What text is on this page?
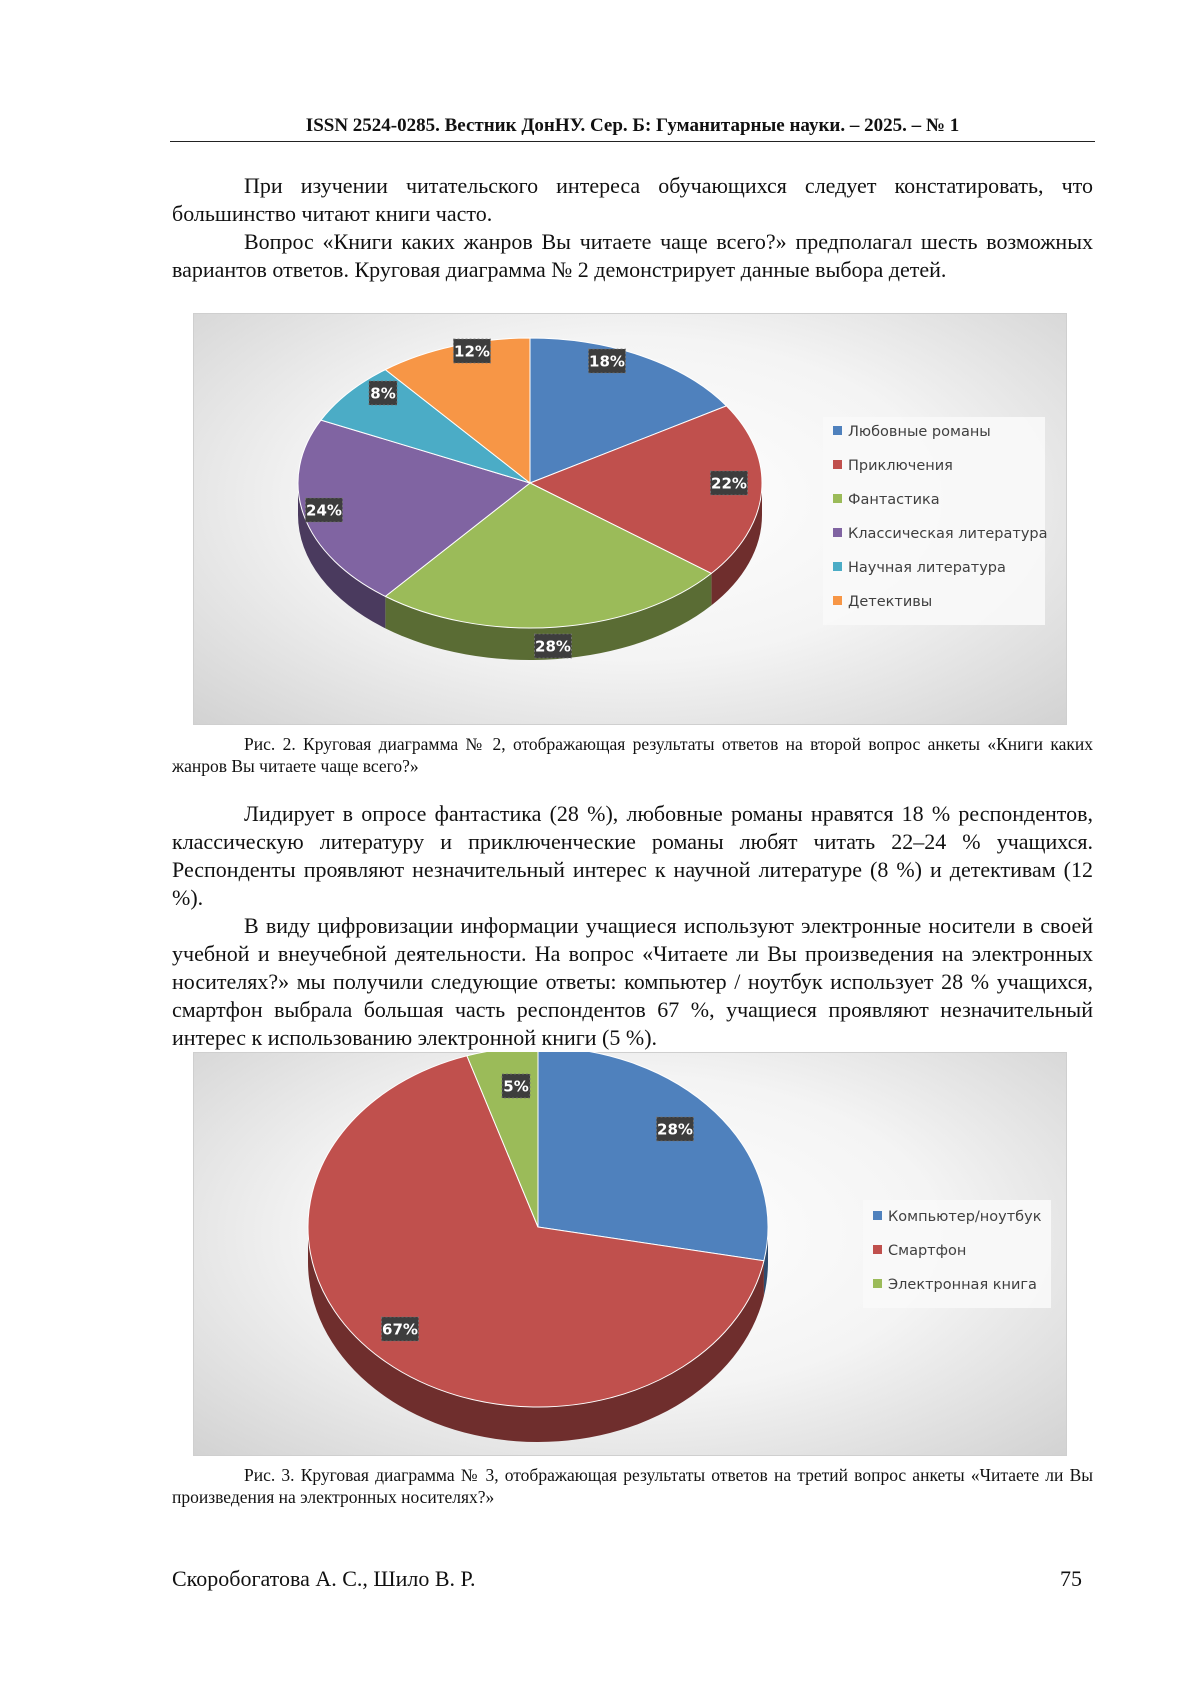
ISSN 2524-0285. Вестник ДонНУ. Сер. Б: Гуманитарные науки. – 2025. – № 1

При изучении читательского интереса обучающихся следует констатировать, что большинство читают книги часто.

Вопрос «Книги каких жанров Вы читаете чаще всего?» предполагал шесть возможных вариантов ответов. Круговая диаграмма № 2 демонстрирует данные выбора детей.

18%
22%
28%
24%
8%
12%
Любовные романы
Приключения
Фантастика
Классическая литература
Научная литература
Детективы

Рис. 2. Круговая диаграмма № 2, отображающая результаты ответов на второй вопрос анкеты «Книги каких жанров Вы читаете чаще всего?»

Лидирует в опросе фантастика (28 %), любовные романы нравятся 18 % респондентов, классическую литературу и приключенческие романы любят читать 22–24 % учащихся. Респонденты проявляют незначительный интерес к научной литературе (8 %) и детективам (12 %).

В виду цифровизации информации учащиеся используют электронные носители в своей учебной и внеучебной деятельности. На вопрос «Читаете ли Вы произведения на электронных носителях?» мы получили следующие ответы: компьютер / ноутбук использует 28 % учащихся, смартфон выбрала большая часть респондентов 67 %, учащиеся проявляют незначительный интерес к использованию электронной книги (5 %).

28%
67%
5%
Компьютер/ноутбук
Смартфон
Электронная книга

Рис. 3. Круговая диаграмма № 3, отображающая результаты ответов на третий вопрос анкеты «Читаете ли Вы произведения на электронных носителях?»

Скоробогатова А. С., Шило В. Р.	75
